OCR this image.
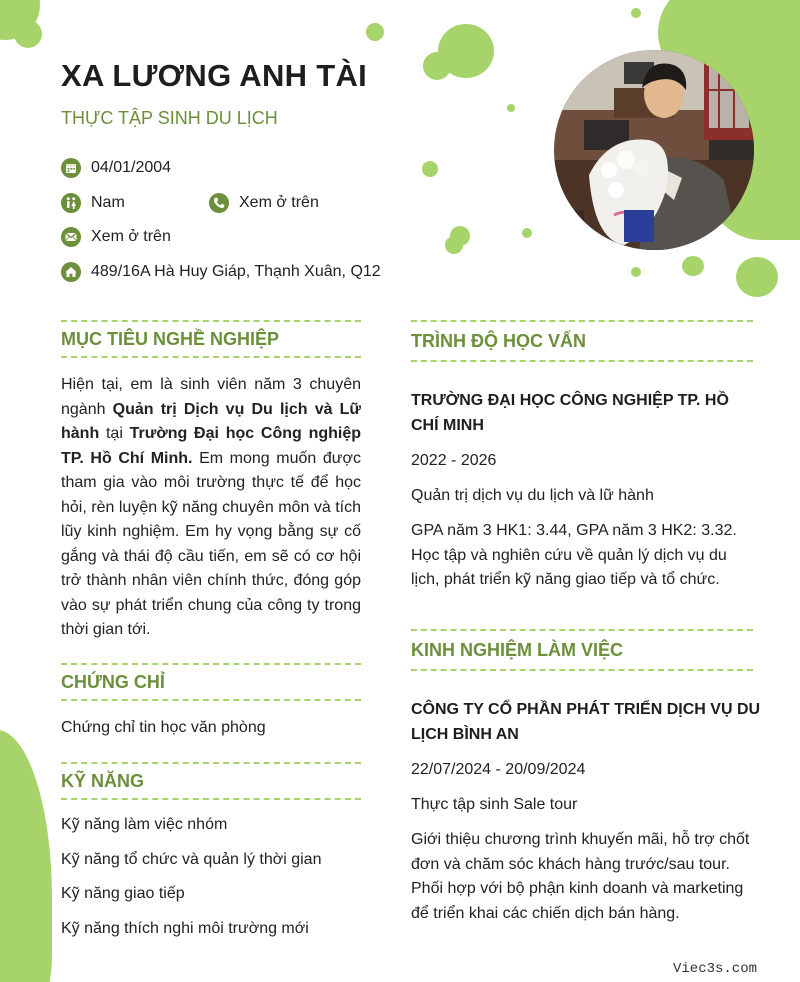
XA LƯƠNG ANH TÀI
THỰC TẬP SINH DU LỊCH
04/01/2004
Nam	Xem ở trên
Xem ở trên
489/16A Hà Huy Giáp, Thạnh Xuân, Q12
MỤC TIÊU NGHỀ NGHIỆP
Hiện tại, em là sinh viên năm 3 chuyên ngành Quản trị Dịch vụ Du lịch và Lữ hành tại Trường Đại học Công nghiệp TP. Hồ Chí Minh. Em mong muốn được tham gia vào môi trường thực tế để học hỏi, rèn luyện kỹ năng chuyên môn và tích lũy kinh nghiệm. Em hy vọng bằng sự cố gắng và thái độ cầu tiến, em sẽ có cơ hội trở thành nhân viên chính thức, đóng góp vào sự phát triển chung của công ty trong thời gian tới.
CHỨNG CHỈ
Chứng chỉ tin học văn phòng
KỸ NĂNG
Kỹ năng làm việc nhóm
Kỹ năng tổ chức và quản lý thời gian
Kỹ năng giao tiếp
Kỹ năng thích nghi môi trường mới
TRÌNH ĐỘ HỌC VẤN
TRƯỜNG ĐẠI HỌC CÔNG NGHIỆP TP. HỒ CHÍ MINH
2022 - 2026
Quản trị dịch vụ du lịch và lữ hành
GPA năm 3 HK1: 3.44, GPA năm 3 HK2: 3.32. Học tập và nghiên cứu về quản lý dịch vụ du lịch, phát triển kỹ năng giao tiếp và tổ chức.
KINH NGHIỆM LÀM VIỆC
CÔNG TY CỔ PHẦN PHÁT TRIỂN DỊCH VỤ DU LỊCH BÌNH AN
22/07/2024 - 20/09/2024
Thực tập sinh Sale tour
Giới thiệu chương trình khuyến mãi, hỗ trợ chốt đơn và chăm sóc khách hàng trước/sau tour. Phối hợp với bộ phận kinh doanh và marketing để triển khai các chiến dịch bán hàng.
Viec3s.com
